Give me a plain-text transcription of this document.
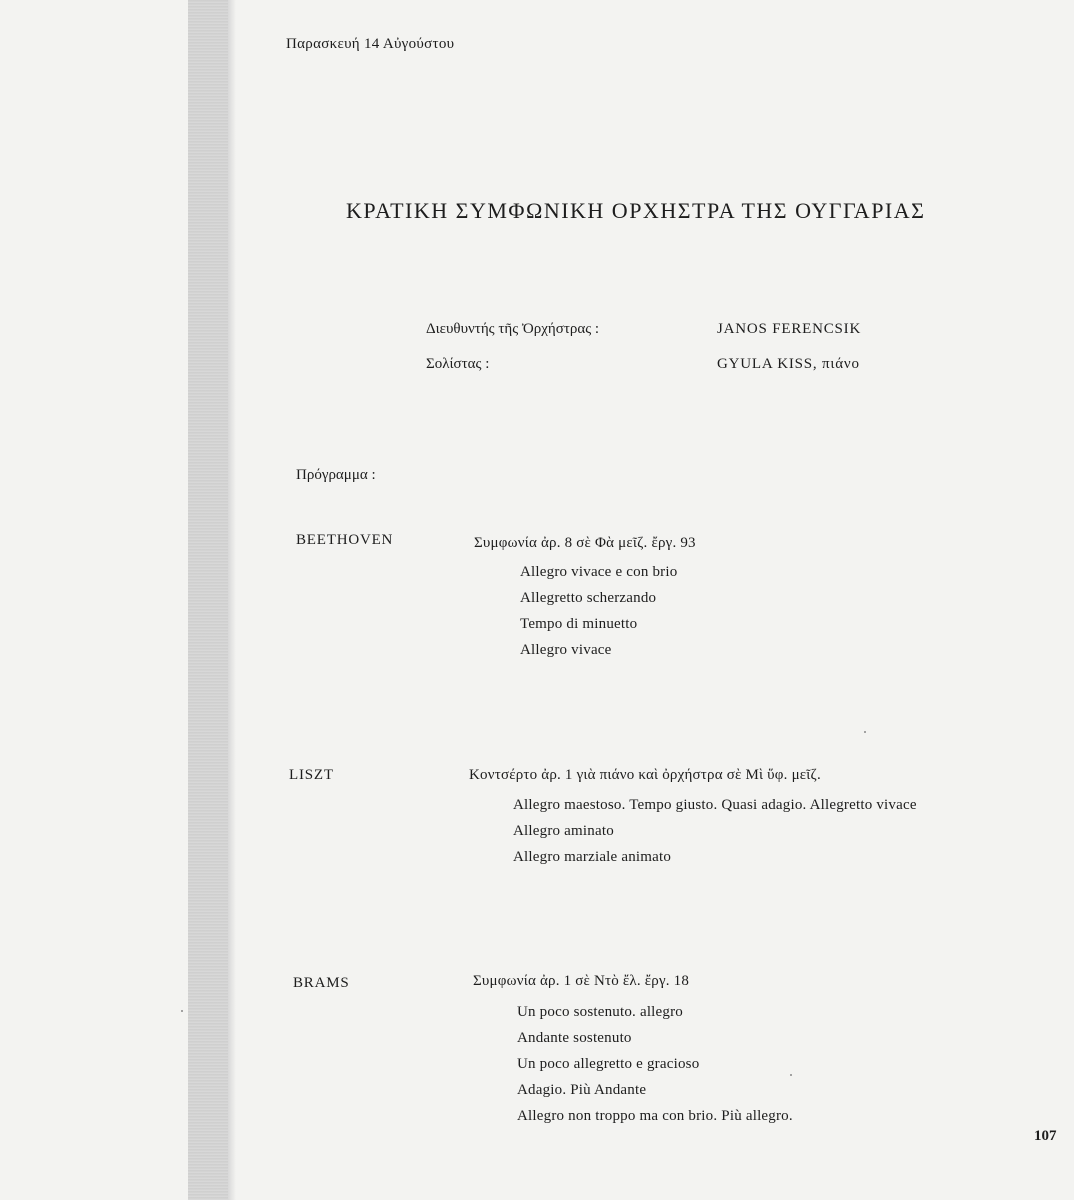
Παρασκευή 14 Αὐγούστου
ΚΡΑΤΙΚΗ ΣΥΜΦΩΝΙΚΗ ΟΡΧΗΣΤΡΑ ΤΗΣ ΟΥΓΓΑΡΙΑΣ
Διευθυντής τῆς Ὀρχήστρας :	JANOS FERENCSIK
Σολίστας :	GYULA KISS, πιάνο
Πρόγραμμα :
BEETHOVEN	Συμφωνία ἀρ. 8 σὲ Φὰ μεῖζ. ἔργ. 93
Allegro vivace e con brio
Allegretto scherzando
Tempo di minuetto
Allegro vivace
LISZT	Κοντσέρτο ἀρ. 1 γιὰ πιάνο καὶ ὀρχήστρα σὲ Μὶ ὕφ. μεῖζ.
Allegro maestoso. Tempo giusto. Quasi adagio. Allegretto vivace
Allegro aminato
Allegro marziale animato
BRAMS	Συμφωνία ἀρ. 1 σὲ Ντὸ ἔλ. ἔργ. 18
Un poco sostenuto. allegro
Andante sostenuto
Un poco allegretto e gracioso
Adagio. Più Andante
Allegro non troppo ma con brio. Più allegro.
107
